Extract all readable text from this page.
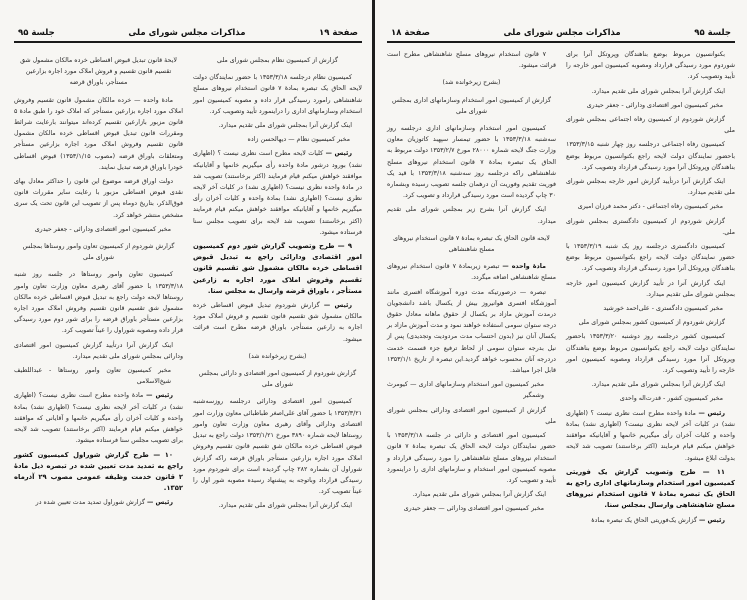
صفحة ۱۹
مذاکرات مجلس شورای ملی
جلسة ۹۵

گزارش از کمیسیون نظام بمجلس شورای ملی

کمیسیون نظام درجلسه ۱۳۵۳/۳/۱۸ با حضور نمایندگان دولت لایحه الحاق یک تبصره بمادهٔ ۷ قانون استخدام نیروهای مسلح شاهنشاهی رامورد رسیدگی قرار داده و مصوبه کمیسیون امور استخدام وسازمانهای اداری را دراینمورد تأیید وتصویب کرد.

اینک گزارش آنرا بمجلس شورای ملی تقدیم میدارد.

مخبر کمیسیون نظام — دیهالحسن زاده

رئیس — کلیات لایحه مطرح است نظری نیست ؟ (اظهاری نشد) بورود درشور مادهٔ واحده رأی میگیریم خانمها و آقایانیکه موافقند خواهش میکنم قیام فرمایند (اکثر برخاستند) تصویب شد در مادهٔ واحده نظری نیست؟ (اظهاری نشد) در کلیات آخر لایحه نظری نیست؟ (اظهاری نشد) بمادهٔ واحده و کلیات آخران رأی میگیریم خانمها و آقایانیکه موافقند خواهش میکنم قیام فرمایند (اکثر برخاستند) تصویب شد لایحه برای تصویب مجلس سنا فرستاده میشود.

۹ — طرح وتصویب گزارش شور دوم کمیسیون امور اقتصادی ودارائی راجع به تبدیل قبوض اقساطی خرده مالکان مشمول شق تقسیم قانون تقسیم وفروش املاک مورد اجاره به زارعین مستأجر ، باوراق قرضه وارسال به مجلس سنا.

رئیس — گزارش شوردوم تبدیل قبوض اقساطی خرده مالکان مشمول شق تقسیم قانون تقسیم و فروش املاک مورد اجاره به زارعین مستأجر، باوراق قرضه مطرح است قرائت میشود.

(بشرح زیرخوانده شد)

گزارش شوردوم از کمیسیون امور اقتصادی و دارائی بمجلس شورای ملی

کمیسیون امور اقتصادی ودارائی درجلسه روزسه‌شنبه ۱۳۵۳/۳/۲۱ با حضور آقای علی‌اصغر طباطبائی معاون وزارت امور اقتصادی ودارائی وآقای رهبری معاون وزارت تعاون وامور روستاها لایحه شماره ۳۸۹۰ مورخ ۱۳۵۳/۱/۲۱ دولت راجع به تبدیل قبوض اقساطی خرده مالکان شق تقسیم قانون تقسیم وفروش املاک مورد اجاره بزارعین مستأجر باوراق قرضه راکه گزارش شوراول آن بشماره ۲۸۲ چاپ گردیده است برای شوردوم مورد رسیدگی قرارداد وباتوجه به پیشنهاد رسیده مصوبه شور اول را عیناً تصویب کرد.

اینک گزارش آنرا بمجلس شورای ملی تقدیم میدارد.

لایحهٔ قانون تبدیل قبوض اقساطی خرده مالکان مشمول شق تقسیم قانون تقسیم و فروش املاک مورد اجاره بزارعین مستأجر، باوراق قرضه

مادهٔ واحده — خرده مالکان مشمول قانون تقسیم وفروش املاک مورد اجاره بزارعین مستأجر که املاک خود را طبق مادهٔ ۵ قانون مزبور بازارعین تقسیم کرده‌اند میتوانند بارعایت شرائط ومقررات قانون تبدیل قبوض اقساطی خرده مالکان مشمول قانون تقسیم وفروش املاک مورد اجاره بزارعین مستأجر ومتعلقات باوراق قرضه (مصوب ۱۳۵۳/۱/۱۵) قبوض اقساطی خودرا باوراق قرضه تبدیل نمایند.

دولت اوراق قرضه موضوع این قانون را حداکثر معادل بهای نقدی قبوض اقساطی مزبور با رعایت سایر مقررات قانون فوق‌الذکر، بتاریخ دوماه پس از تصویب این قانون تحت یک سری مشخص منتشر خواهد کرد.

مخبر کمیسیون امور اقتصادی ودارائی - جعفر حیدری

گزارش شوردوم از کمیسیون تعاون وامور روستاها بمجلس شورای ملی

کمیسیون تعاون وامور روستاها در جلسه روز شنبه ۱۳۵۳/۳/۱۸ با حضور آقای رهبری معاون وزارت تعاون وامور روستاها لایحه دولت راجع به تبدیل قبوض اقساطی خرده مالکان مشمول شق تقسیم قانون تقسیم وفروش املاک مورد اجاره بزارعین مستأجر باوراق قرضه را برای شور دوم مورد رسیدگی قرار داده ومصوبه شوراول را عیناً تصویب کرد.

اینک گزارش آنرا درتأیید گزارش کمیسیون امور اقتصادی ودارائی بمجلس شورای ملی تقدیم میدارد.

مخبر کمیسیون تعاون وامور روستاها - عبداللطیف شیخ‌الاسلامی

رئیس — مادهٔ واحده مطرح است نظری نیست؟ (اظهاری نشد) در کلیات آخر لایحه نظری نیست؟ (اظهاری نشد) بمادهٔ واحده و کلیات آخران رأی میگیریم خانمها و آقایانی که موافقند خواهش میکنم قیام فرمایند (اکثر برخاستند) تصویب شد لایحه برای تصویب مجلس سنا فرستاده میشود.

۱۰ — طرح گزارش شوراول کمیسیون کشور راجع به تمدید مدت تعیین شده در تبصره ذیل مادهٔ ۲ قانون خدمت وظیفه عمومی مصوب ۲۹ آذرماه ۱۳۵۲.

رئیس — گزارش شوراول تمدید مدت تعیین شده در

جلسة ۹۵
مذاکرات مجلس شورای ملی
صفحة ۱۸

بکنوانسیون مربوط بوضع بناهندگان وپروتکل آنرا برای شوردوم مورد رسیدگی قرارداد ومصوبه کمیسیون امور خارجه را تأیید وتصویب کرد.

اینک گزارش آنرا بمجلس شورای ملی تقدیم میدارد.

مخبر کمیسیون امور اقتصادی ودارائی - جعفر حیدری

گزارش شوردوم از کمیسیون رفاه اجتماعی بمجلس شورای ملی

کمیسیون رفاه اجتماعی درجلسه روز چهار شنبه ۱۳۵۳/۳/۱۵ باحضور نمایندگان دولت لایحه راجع بکنوانسیون مربوط بوضع بناهندگان وپروتکل آنرا مورد رسیدگی قرارداد وتصویب کرد.

اینک گزارش آنرا درتأیید گزارش امور خارجه بمجلس شورای ملی تقدیم میدارد.

مخبر کمیسیون رفاه اجتماعی - دکتر محمد فرزان امیری

گزارش شوردوم از کمیسیون دادگستری بمجلس شورای ملی.

کمیسیون دادگستری درجلسه روز یک شنبه ۱۳۵۳/۳/۱۹ با حضور نمایندگان دولت لایحه راجع بکنوانسیون مربوط بوضع بناهندگان وپروتکل آنرا مورد رسیدگی قرارداد وتصویب کرد.

اینک گزارش آنرا در تأیید گزارش کمیسیون امور خارجه بمجلس شورای ملی تقدیم میدارد.

مخبر کمیسیون دادگستری - علی‌احمد خورشید

گزارش شوردوم از کمیسیون کشور بمجلس شورای ملی

کمیسیون کشور درجلسه روز دوشنبه ۱۳۵۳/۳/۲۰ باحضور نمایندگان دولت لایحه راجع بکنوانسیون مربوط بوضع بناهندگان وپروتکل آنرا مورد رسیدگی قرارداد ومصوبه کمیسیون امور خارجه را تأیید وتصویب کرد.

اینک گزارش آنرا بمجلس شورای ملی تقدیم میدارد.

مخبر کمیسیون کشور - قدرت‌اله واحدی

رئیس — مادهٔ واحده مطرح است نظری نیست ؟ (اظهاری نشد) در کلیات آخر لایحه نظری نیست؟ (اظهاری نشد) بمادهٔ واحده و کلیات آخران رأی میگیریم خانمها و آقایانیکه موافقند خواهش میکنم قیام فرمایند (اکثر برخاستند) تصویب شد لایحه بدولت ابلاغ میشود.

۱۱ — طرح وتصویب گزارش یک فوریتی کمیسیون امور استخدام وسازمانهای اداری راجع به الحاق یک تبصره بمادهٔ ۷ قانون استخدام نیروهای مسلح شاهنشاهی وارسال بمجلس سنا.

رئیس — گزارش یک‌فوریتی الحاق یک تبصره بمادهٔ

۷ قانون استخدام نیروهای مسلح شاهنشاهی مطرح است قرائت میشود.

(بشرح زیرخوانده شد)

گزارش از کمیسیون امور استخدام وسازمانهای اداری بمجلس شورای ملی

کمیسیون امور استخدام وسازمانهای اداری درجلسه روز سه‌شنبه ۱۳۵۳/۳/۱۸ با حضور تیمسار سپهبد کاتوزیان معاون وزارت جنگ لایحه شماره ۲۸۰۰۰ مورخ ۱۳۵۳/۲/۷ دولت مربوط به الحاق یک تبصره بمادهٔ ۷ قانون استخدام نیروهای مسلح شاهنشاهی راکه درجلسه روز سه‌شنبه ۱۳۵۳/۳/۱۸ با قید یک فوریت تقدیم وفوریت آن درهمان جلسه تصویب رسیده وبشماره ۳۰ چاپ گردیده است مورد رسیدگی قرارداد و تصویب کرد.

اینک گزارش آنرا بشرح زیر بمجلس شورای ملی تقدیم میدارد.

لایحه قانون الحاق یک تبصره بمادهٔ ۷ قانون استخدام نیروهای مسلح شاهنشاهی

مادهٔ واحده — تبصره زیربمادهٔ ۷ قانون استخدام نیروهای مسلح شاهنشاهی اضافه میگردد.

تبصره — درصورتیکه مدت دوره آموزشگاه افسری مانند آموزشگاه افسری هوانیروز بیش از یکسال باشد دانشجویان درمدت آموزش مازاد بر یکسال از حقوق ماهانه معادل حقوق درجه ستوان سومی استفاده خواهند نمود و مدت آموزش مازاد بر یکسال آنان نیز (بدون احتساب مدت مردودیت وتجدیدی) پس از نیل بدرجه ستوان سومی از لحاظ ترفیع جزء قسمت خدمت دردرجه آنان محسوب خواهد گردید.این تبصره از تاریخ ۱۳۵۳/۱/۱ قابل اجرا میباشد.

مخبر کمیسیون امور استخدام وسازمانهای اداری — کیومرث وشمگیر

گزارش از کمیسیون امور اقتصادی ودارائی بمجلس شورای ملی

کمیسیون امور اقتصادی و دارائی در جلسه ۱۳۵۳/۳/۱۸ با حضور نمایندگان دولت لایحه الحاق یک تبصره بمادهٔ ۷ قانون استخدام نیروهای مسلح شاهنشاهی را مورد رسیدگی قرارداد و مصوبه کمیسیون امور استخدام و سازمانهای اداری را دراینمورد تأیید و تصویب کرد.

اینک گزارش آنرا بمجلس شورای ملی تقدیم میدارد.

مخبر کمیسیون امور اقتصادی ودارائی — جعفر حیدری
